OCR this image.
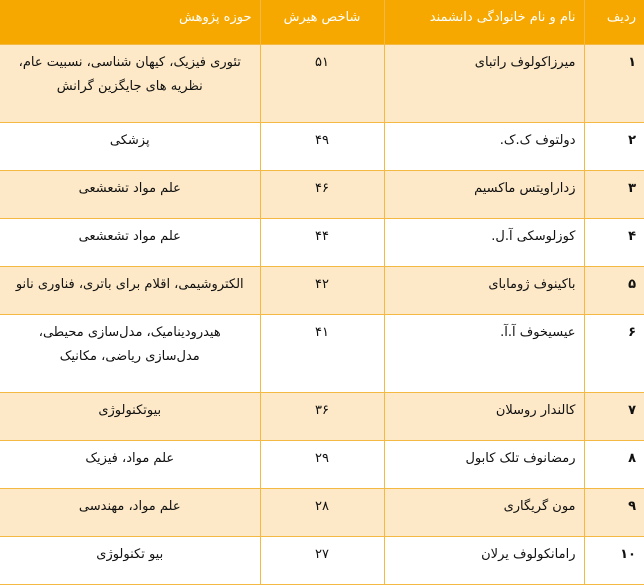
ردیف	نام و نام خانوادگی دانشمند	شاخص هیرش	حوزه پژوهش
۱	میرزاکولوف راتبای	۵۱	تئوری فیزیک، کیهان شناسی، نسبیت عام،
نظریه های جایگزین گرانش

۲	دولتوف ک.ک.	۴۹	پزشکی

۳	زداراویتس ماکسیم	۴۶	علم مواد تشعشعی

۴	کوزلوسکی آ.ل.	۴۴	علم مواد تشعشعی

۵	باکینوف ژومابای	۴۲	الکتروشیمی، اقلام برای باتری، فناوری نانو

۶	عیسیخوف آ.آ.	۴۱	هیدرودینامیک، مدل‌سازی محیطی،
مدل‌سازی ریاضی، مکانیک

۷	کالندار روسلان	۳۶	بیوتکنولوژی

۸	رمضانوف تلک کابول	۲۹	علم مواد، فیزیک

۹	مون گریگاری	۲۸	علم مواد، مهندسی

۱۰	رامانکولوف یرلان	۲۷	بیو تکنولوژی
